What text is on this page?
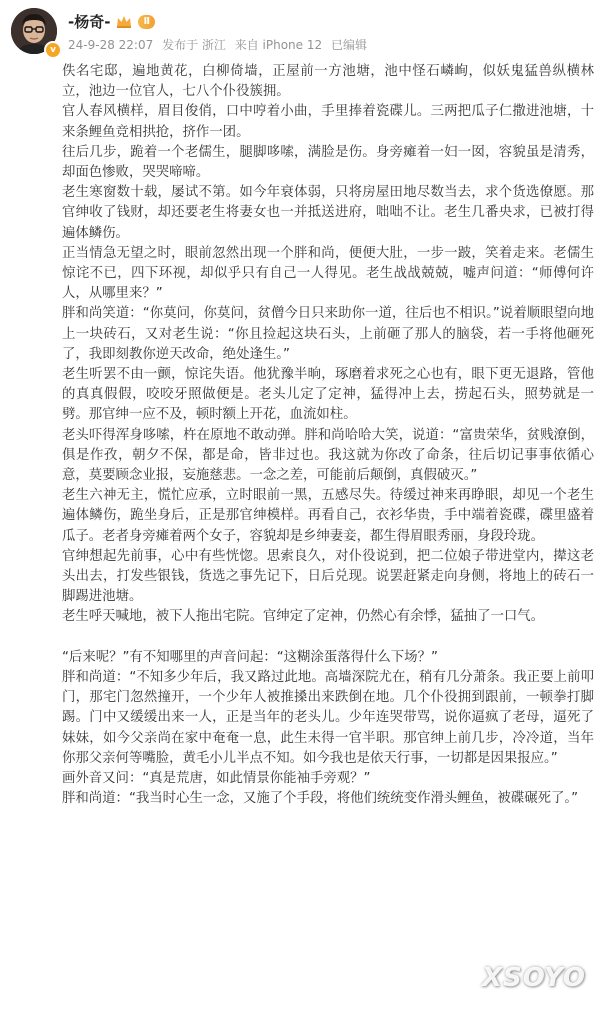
v
-杨奇-	Ⅱ
24-9-28 22:07 发布于 浙江 来自 iPhone 12 已编辑

佚名宅邸，遍地黄花，白柳倚墙，正屋前一方池塘，池中怪石嶙峋，似妖鬼猛兽纵横林立，池边一位官人，七八个仆役簇拥。

官人春风横样，眉目俊俏，口中哼着小曲，手里捧着瓷碟儿。三两把瓜子仁撒进池塘，十来条鲤鱼竞相拱抢，挤作一团。

往后几步，跪着一个老儒生，腿脚哆嗦，满脸是伤。身旁瘫着一妇一囡，容貌虽是清秀，却面色惨败，哭哭啼啼。

老生寒窗数十载，屡试不第。如今年衰体弱，只将房屋田地尽数当去，求个货选僚愿。那官绅收了钱财，却还要老生将妻女也一并抵送进府，咄咄不让。老生几番央求，已被打得遍体鳞伤。

正当情急无望之时，眼前忽然出现一个胖和尚，便便大肚，一步一跛，笑着走来。老儒生惊诧不已，四下环视，却似乎只有自己一人得见。老生战战兢兢，嘘声问道：“师傅何许人，从哪里来？”

胖和尚笑道：“你莫问，你莫问，贫僧今日只来助你一道，往后也不相识。”说着顺眼望向地上一块砖石，又对老生说：“你且捡起这块石头，上前砸了那人的脑袋，若一手将他砸死了，我即刻教你逆天改命，绝处逢生。”

老生听罢不由一颤，惊诧失语。他犹豫半晌，琢磨着求死之心也有，眼下更无退路，管他的真真假假，咬咬牙照做便是。老头儿定了定神，猛得冲上去，捞起石头，照势就是一劈。那官绅一应不及，顿时额上开花，血流如柱。

老头吓得浑身哆嗦，杵在原地不敢动弹。胖和尚哈哈大笑，说道：“富贵荣华，贫贱潦倒，俱是作孜，朝夕不保，都是命，皆非过也。我这就为你改了命条，往后切记事事依循心意，莫要顾念业报，妄施慈悲。一念之差，可能前后颠倒，真假破灭。”

老生六神无主，慌忙应承，立时眼前一黑，五感尽失。待缓过神来再睁眼，却见一个老生遍体鳞伤，跪坐身后，正是那官绅模样。再看自己，衣衫华贵，手中端着瓷碟，碟里盛着瓜子。老者身旁瘫着两个女子，容貌却是乡绅妻妾，都生得眉眼秀丽，身段玲珑。

官绅想起先前事，心中有些恍惚。思索良久，对仆役说到，把二位娘子带进堂内，撵这老头出去，打发些银钱，货选之事先记下，日后兑现。说罢赶紧走向身侧，将地上的砖石一脚踢进池塘。

老生呼天喊地，被下人拖出宅院。官绅定了定神，仍然心有余悸，猛抽了一口气。

“后来呢？”有不知哪里的声音问起：“这糊涂蛋落得什么下场？”

胖和尚道：“不知多少年后，我又路过此地。高墙深院尤在，稍有几分萧条。我正要上前叩门，那宅门忽然撞开，一个少年人被推搡出来跌倒在地。几个仆役拥到跟前，一顿拳打脚踢。门中又缓缓出来一人，正是当年的老头儿。少年连哭带骂，说你逼疯了老母，逼死了妹妹，如今父亲尚在家中奄奄一息，此生未得一官半职。那官绅上前几步，冷冷道，当年你那父亲何等嘴脸，黄毛小儿半点不知。如今我也是依天行事，一切都是因果报应。”

画外音又问：“真是荒唐，如此情景你能袖手旁观？”

胖和尚道：“我当时心生一念，又施了个手段，将他们统统变作滑头鲤鱼，被碟碾死了。”

XSOYO
